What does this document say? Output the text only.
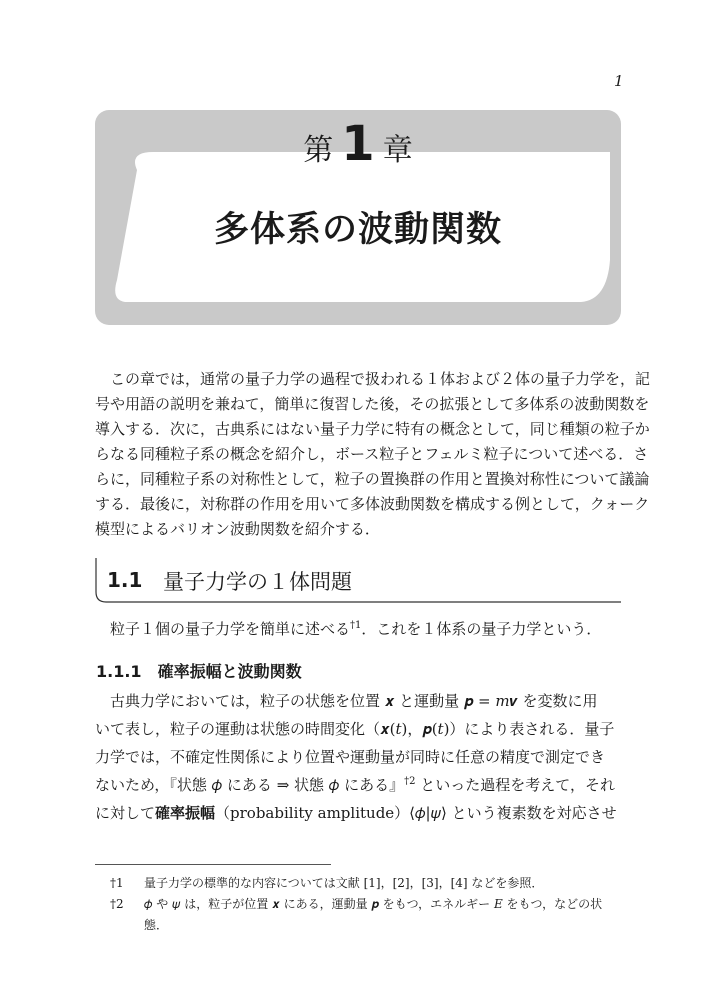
1
第 1 章
多体系の波動関数
この章では，通常の量子力学の過程で扱われる１体および２体の量子力学を，記
号や用語の説明を兼ねて，簡単に復習した後，その拡張として多体系の波動関数を
導入する．次に，古典系にはない量子力学に特有の概念として，同じ種類の粒子か
らなる同種粒子系の概念を紹介し，ボース粒子とフェルミ粒子について述べる．さ
らに，同種粒子系の対称性として，粒子の置換群の作用と置換対称性について議論
する．最後に，対称群の作用を用いて多体波動関数を構成する例として，クォーク
模型によるバリオン波動関数を紹介する．
1.1 量子力学の１体問題
粒子１個の量子力学を簡単に述べる$^{\dagger 1}$．これを１体系の量子力学という．
1.1.1 確率振幅と波動関数
古典力学においては，粒子の状態を位置 𝒙 と運動量 𝒑 = 𝑚𝒗 を変数に用
いて表し，粒子の運動は状態の時間変化（𝒙(𝑡)，𝒑(𝑡)）により表される．量子
力学では，不確定性関係により位置や運動量が同時に任意の精度で測定でき
ないため，『状態 𝜙 にある ⇒ 状態 𝜙 にある』$^{\dagger 2}$ といった過程を考えて，それ
に対して確率振幅（probability amplitude）⟨𝜙|𝜓⟩ という複素数を対応させ
†1 量子力学の標準的な内容については文献 [1]，[2]，[3]，[4] などを参照．
†2 𝜙 や 𝜓 は，粒子が位置 𝒙 にある，運動量 𝒑 をもつ，エネルギー 𝐸 をもつ，などの状
態．
